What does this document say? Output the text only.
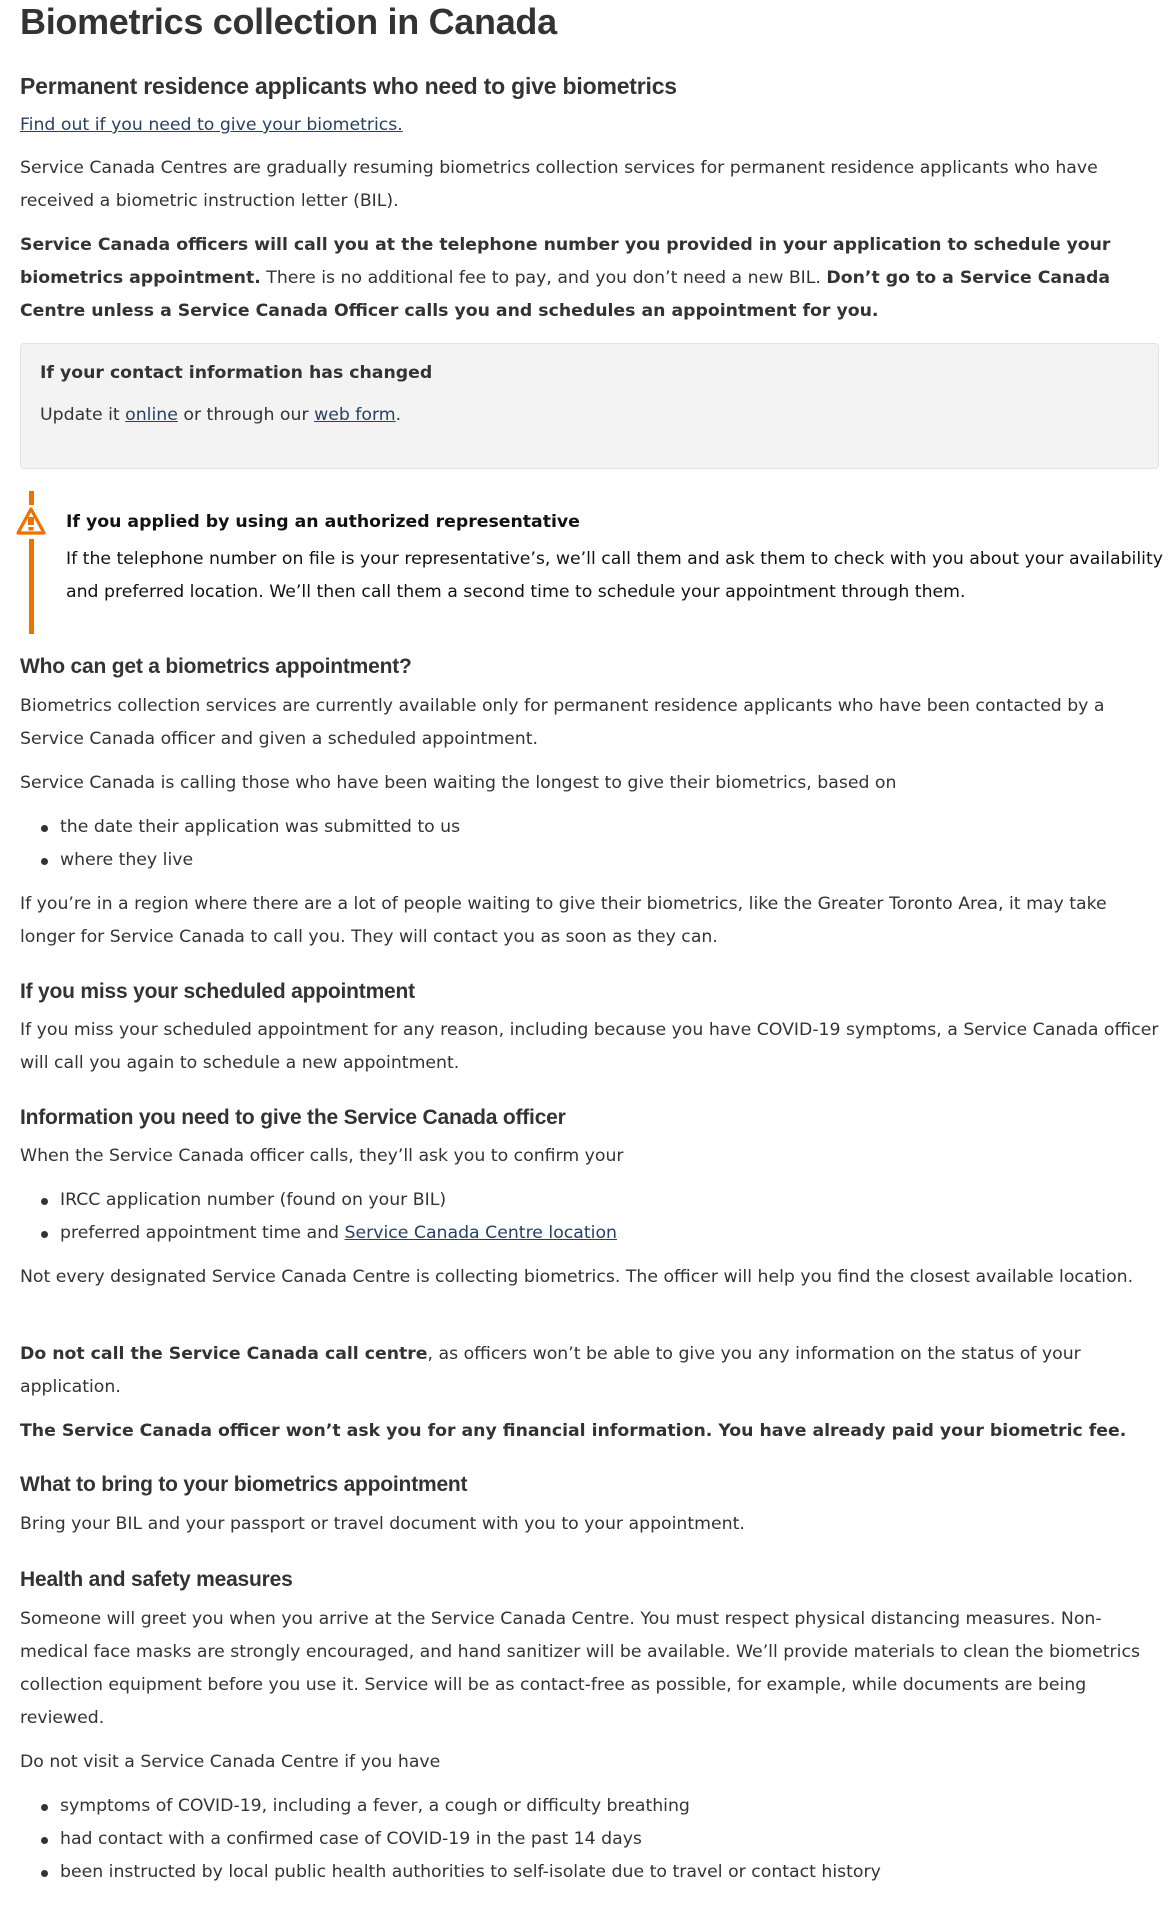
Biometrics collection in Canada
Permanent residence applicants who need to give biometrics

Find out if you need to give your biometrics.

Service Canada Centres are gradually resuming biometrics collection services for permanent residence applicants who have received a biometric instruction letter (BIL).

Service Canada officers will call you at the telephone number you provided in your application to schedule your biometrics appointment. There is no additional fee to pay, and you don’t need a new BIL. Don’t go to a Service Canada Centre unless a Service Canada Officer calls you and schedules an appointment for you.

If your contact information has changed
Update it online or through our web form.
If you applied by using an authorized representative
If the telephone number on file is your representative’s, we’ll call them and ask them to check with you about your availability and preferred location. We’ll then call them a second time to schedule your appointment through them.
Who can get a biometrics appointment?

Biometrics collection services are currently available only for permanent residence applicants who have been contacted by a Service Canada officer and given a scheduled appointment.

Service Canada is calling those who have been waiting the longest to give their biometrics, based on

the date their application was submitted to us
where they live

If you’re in a region where there are a lot of people waiting to give their biometrics, like the Greater Toronto Area, it may take longer for Service Canada to call you. They will contact you as soon as they can.

If you miss your scheduled appointment

If you miss your scheduled appointment for any reason, including because you have COVID-19 symptoms, a Service Canada officer will call you again to schedule a new appointment.

Information you need to give the Service Canada officer

When the Service Canada officer calls, they’ll ask you to confirm your

IRCC application number (found on your BIL)
preferred appointment time and Service Canada Centre location

Not every designated Service Canada Centre is collecting biometrics. The officer will help you find the closest available location.

Do not call the Service Canada call centre, as officers won’t be able to give you any information on the status of your application.

The Service Canada officer won’t ask you for any financial information. You have already paid your biometric fee.

What to bring to your biometrics appointment

Bring your BIL and your passport or travel document with you to your appointment.

Health and safety measures

Someone will greet you when you arrive at the Service Canada Centre. You must respect physical distancing measures. Non-medical face masks are strongly encouraged, and hand sanitizer will be available. We’ll provide materials to clean the biometrics collection equipment before you use it. Service will be as contact-free as possible, for example, while documents are being reviewed.

Do not visit a Service Canada Centre if you have

symptoms of COVID-19, including a fever, a cough or difficulty breathing
had contact with a confirmed case of COVID-19 in the past 14 days
been instructed by local public health authorities to self-isolate due to travel or contact history
